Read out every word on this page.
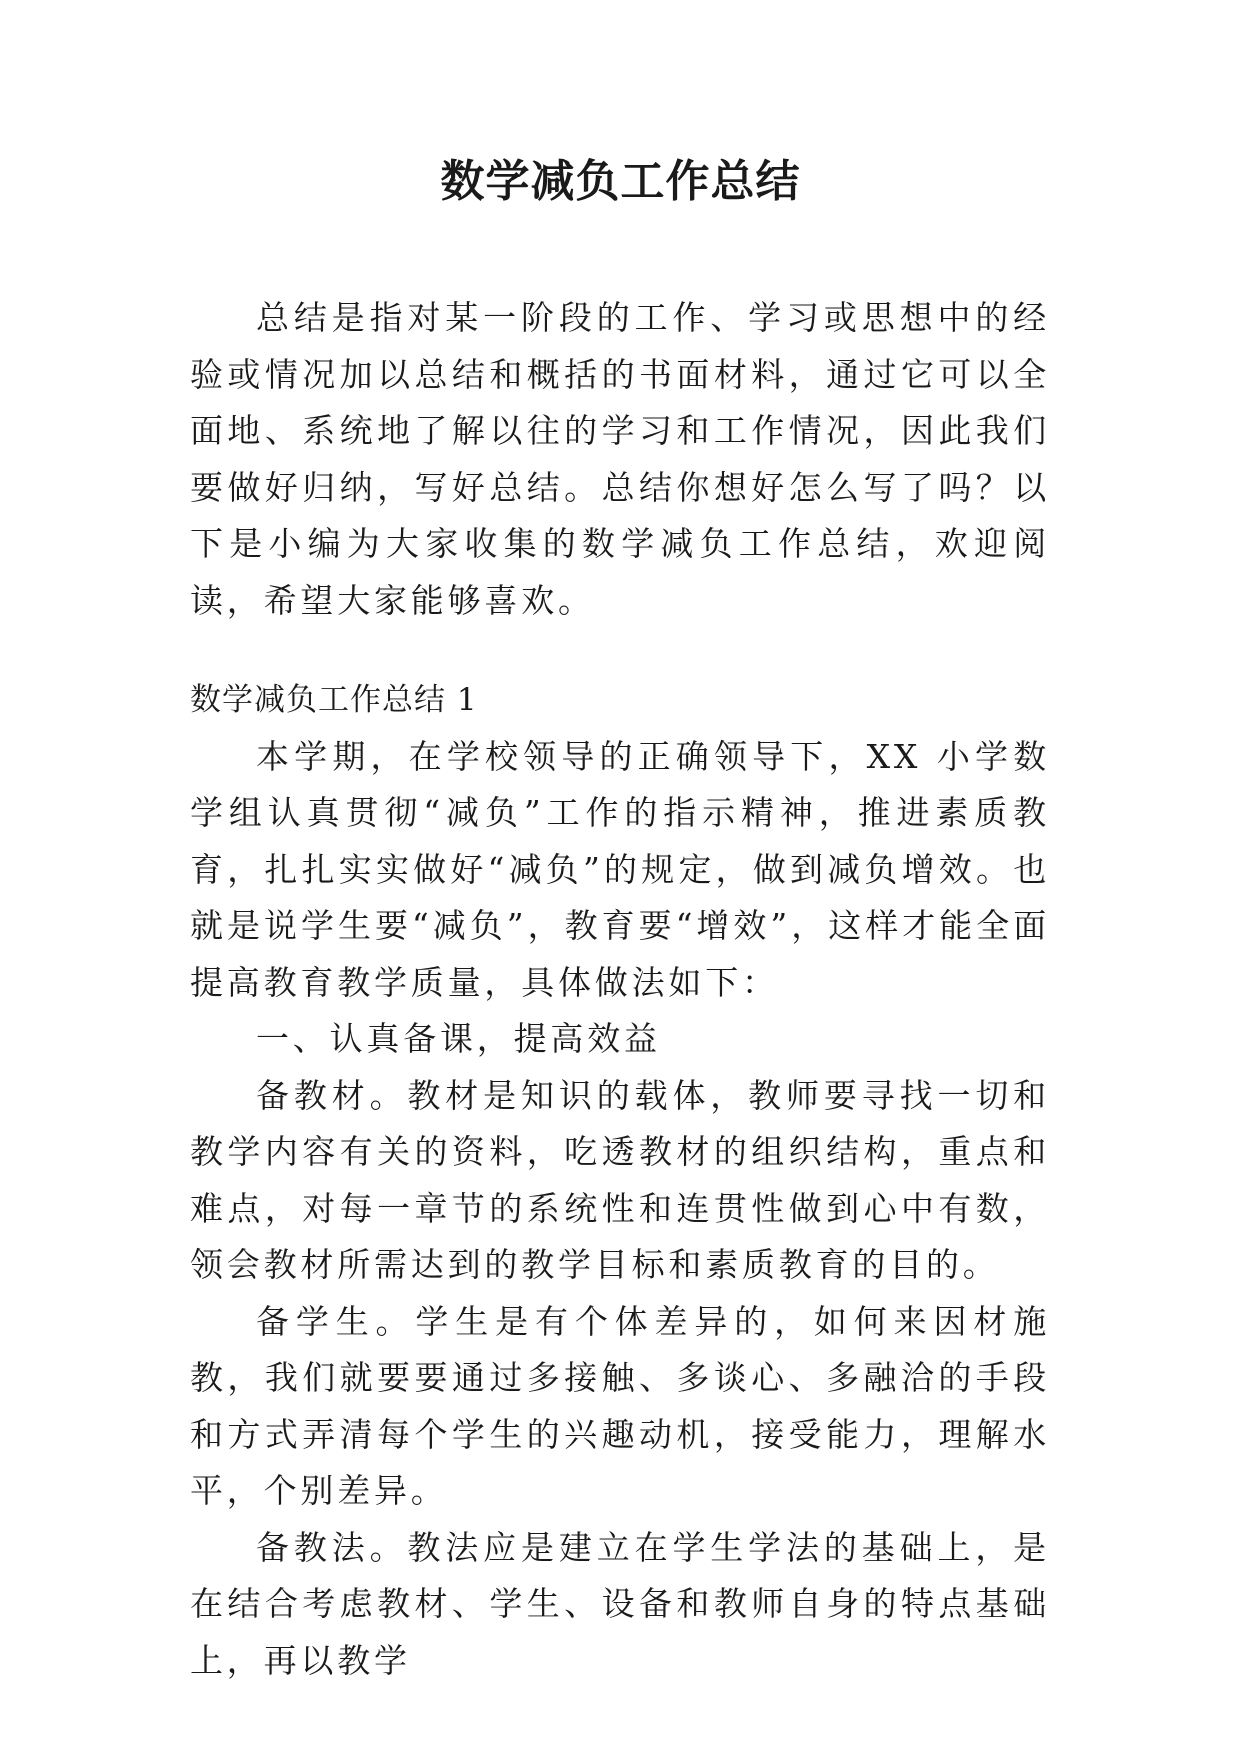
数学减负工作总结

总结是指对某一阶段的工作、学习或思想中的经验或情况加以总结和概括的书面材料，通过它可以全面地、系统地了解以往的学习和工作情况，因此我们要做好归纳，写好总结。总结你想好怎么写了吗？以下是小编为大家收集的数学减负工作总结，欢迎阅读，希望大家能够喜欢。

数学减负工作总结 1

本学期，在学校领导的正确领导下，XX 小学数学组认真贯彻“减负”工作的指示精神，推进素质教育，扎扎实实做好“减负”的规定，做到减负增效。也就是说学生要“减负”，教育要“增效”，这样才能全面提高教育教学质量，具体做法如下：

一、认真备课，提高效益

备教材。教材是知识的载体，教师要寻找一切和教学内容有关的资料，吃透教材的组织结构，重点和难点，对每一章节的系统性和连贯性做到心中有数，领会教材所需达到的教学目标和素质教育的目的。

备学生。学生是有个体差异的，如何来因材施教，我们就要要通过多接触、多谈心、多融洽的手段和方式弄清每个学生的兴趣动机，接受能力，理解水平，个别差异。

备教法。教法应是建立在学生学法的基础上，是在结合考虑教材、学生、设备和教师自身的特点基础上，再以教学
